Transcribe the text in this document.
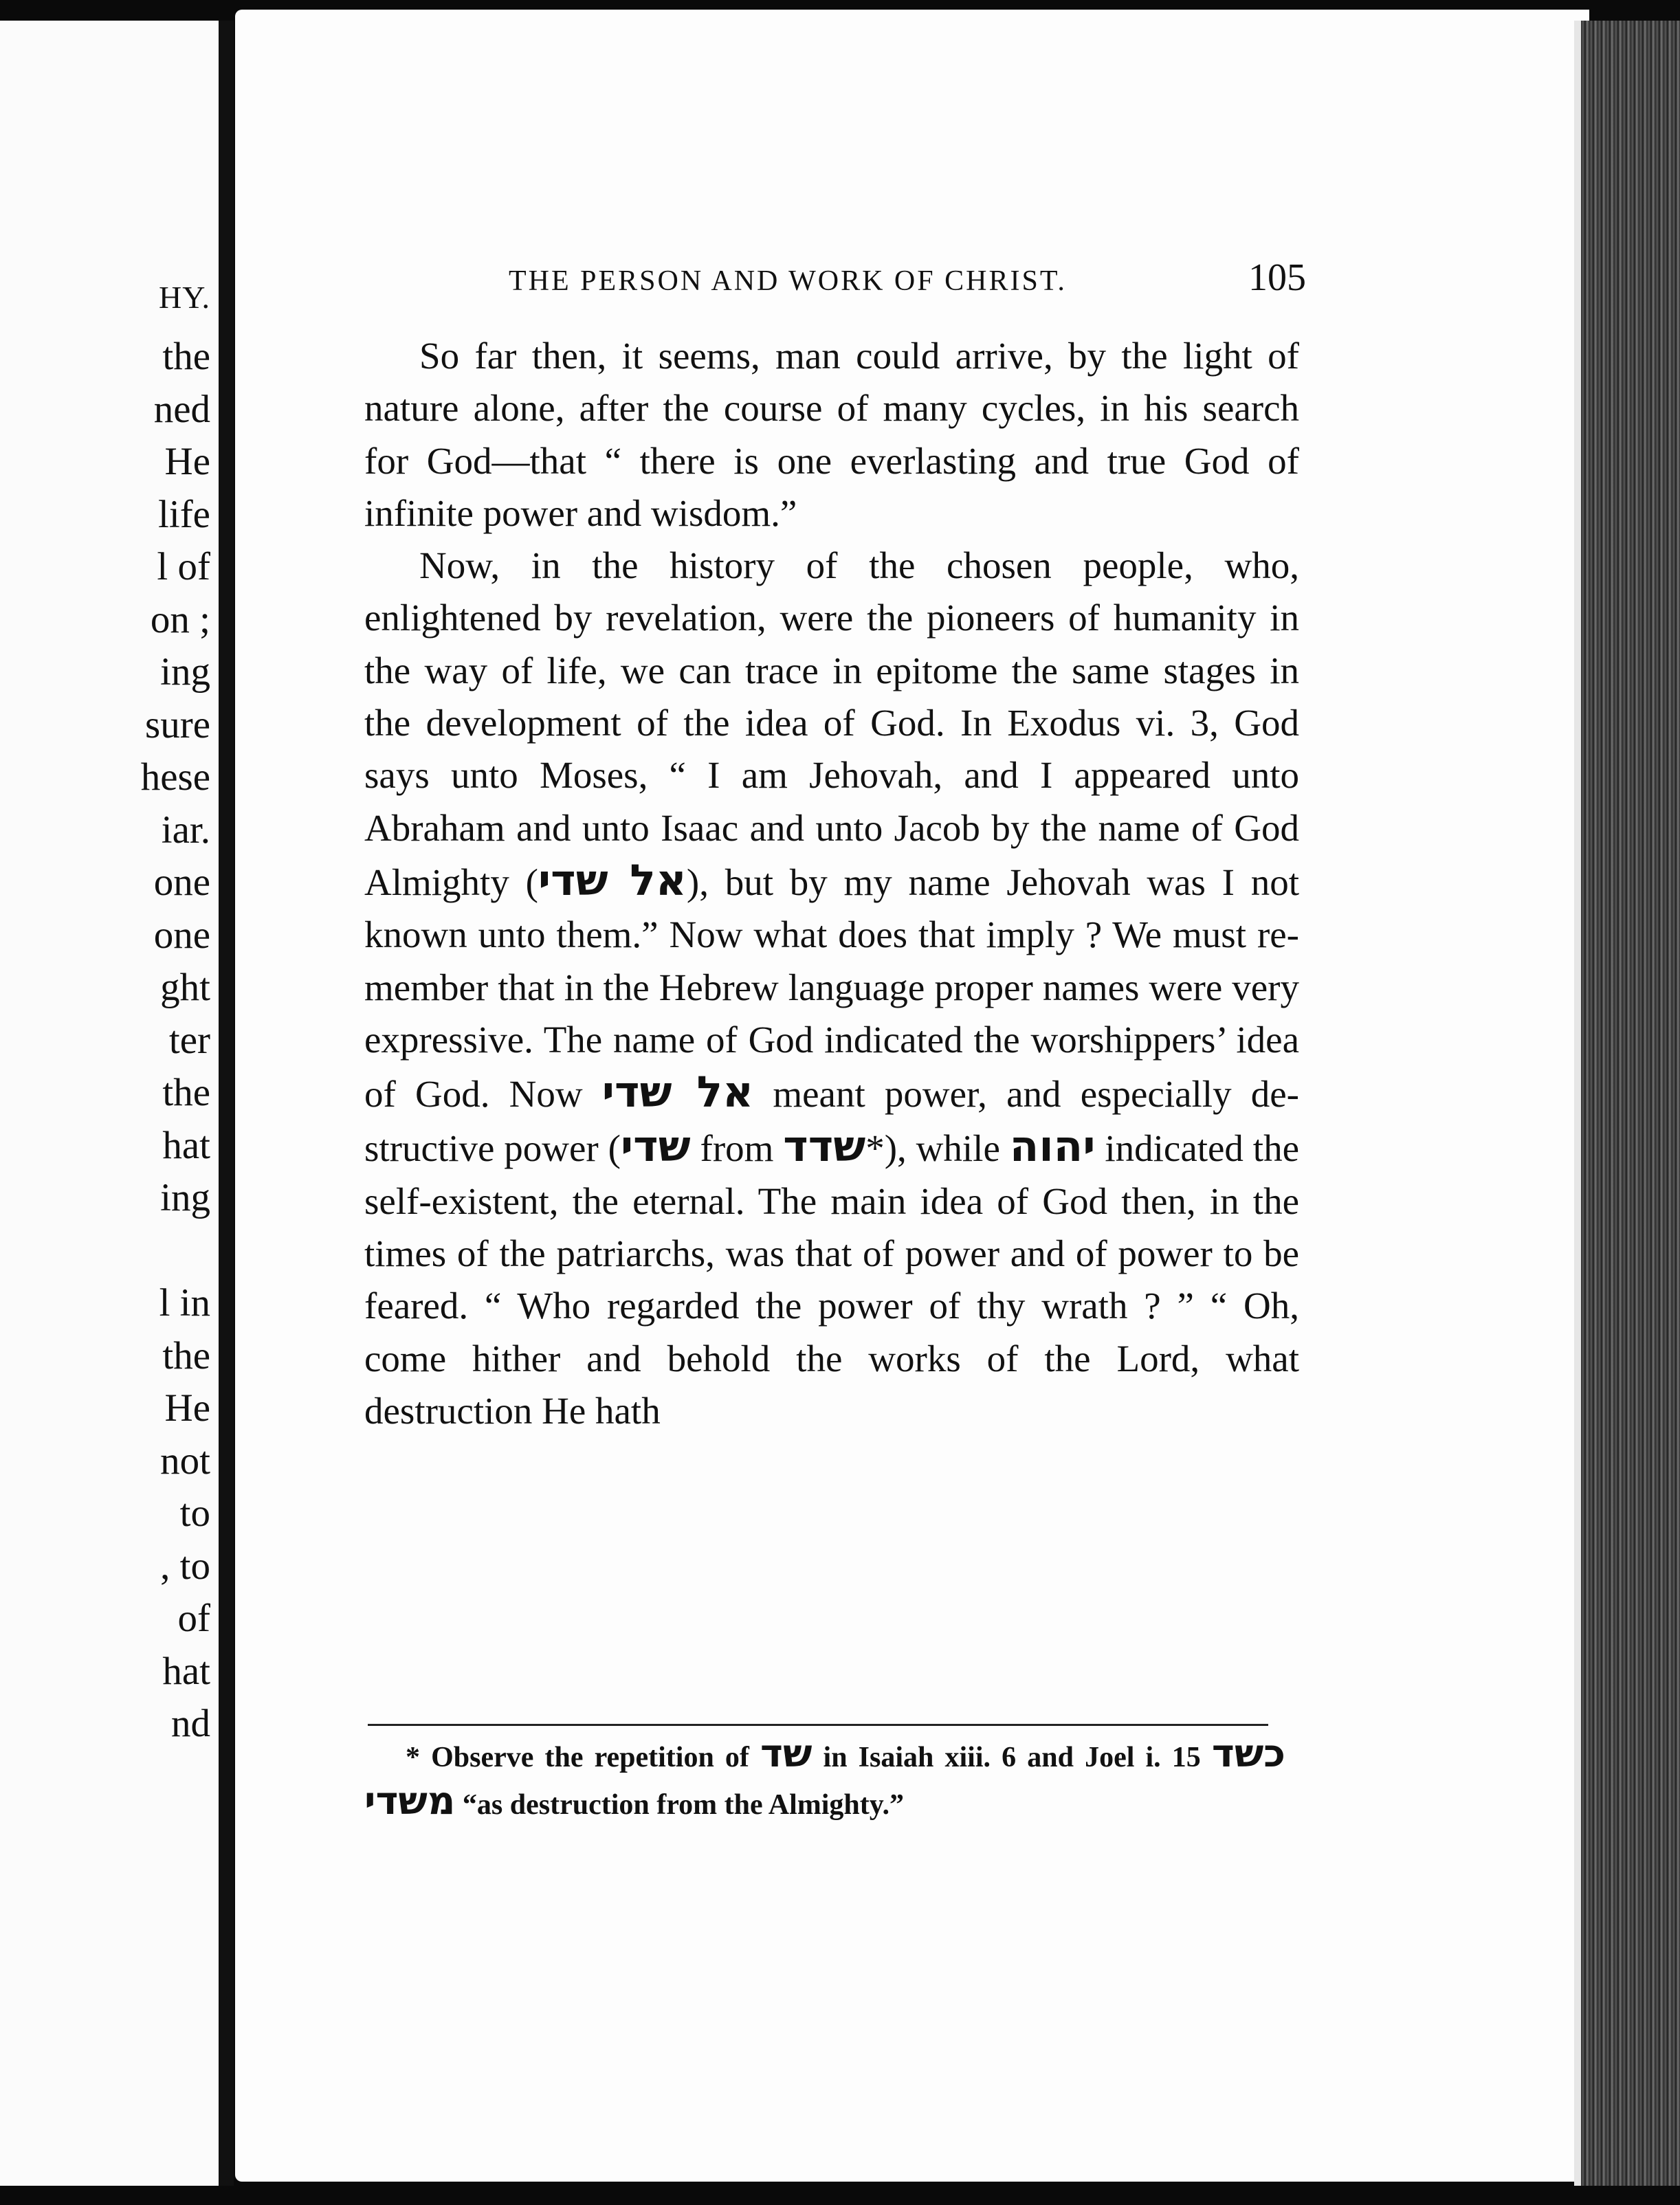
HY.
the
ned
He
life
l of
on ;
ing
sure
hese
iar.
one
one
ght
ter
the
hat
ing
l in
the
He
not
to
, to
of
hat
nd
THE PERSON AND WORK OF CHRIST.	105

So far then, it seems, man could arrive, by the light of nature alone, after the course of many cycles, in his search for God—that “ there is one everlasting and true God of infinite power and wisdom.”

Now, in the history of the chosen people, who, enlightened by revelation, were the pioneers of humanity in the way of life, we can trace in epitome the same stages in the development of the idea of God. In Exodus vi. 3, God says unto Moses, “ I am Jehovah, and I appeared unto Abraham and unto Isaac and unto Jacob by the name of God Almighty (אל שדי), but by my name Jehovah was I not known unto them.” Now what does that imply ? We must re-member that in the Hebrew language proper names were very expressive. The name of God indicated the worshippers’ idea of God. Now אל שדי meant power, and especially de-structive power (שדי from שדד*), while יהוה indicated the self-existent, the eternal. The main idea of God then, in the times of the patriarchs, was that of power and of power to be feared. “ Who regarded the power of thy wrath ? ” “ Oh, come hither and behold the works of the Lord, what destruction He hath

* Observe the repetition of שד in Isaiah xiii. 6 and Joel i. 15 כשד משדי “as destruction from the Almighty.”
